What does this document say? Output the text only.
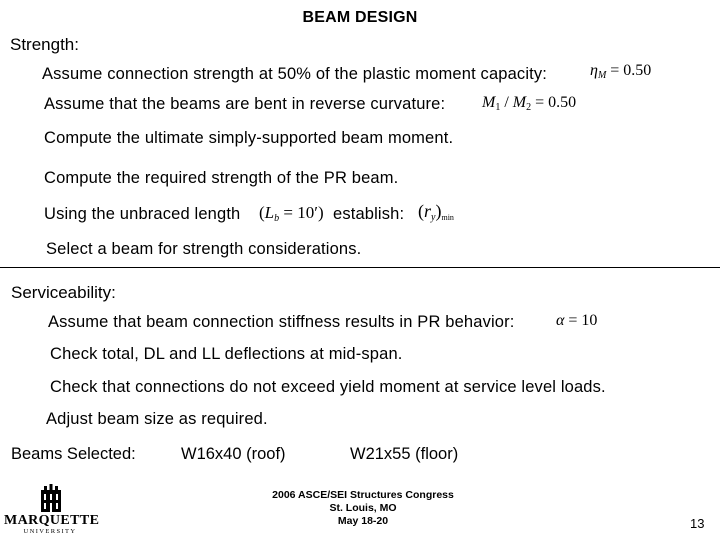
BEAM DESIGN
Strength:
Assume connection strength at 50% of the plastic moment capacity:	$\eta_M = 0.50$
Assume that the beams are bent in reverse curvature: $M_1 / M_2 = 0.50$
Compute the ultimate simply-supported beam moment.
Compute the required strength of the PR beam.
Using the unbraced length $(L_b = 10')$ establish: $(r_y)_{min}$
Select a beam for strength considerations.
Serviceability:
Assume that beam connection stiffness results in PR behavior:	α = 10
Check total, DL and LL deflections at mid-span.
Check that connections do not exceed yield moment at service level loads.
Adjust beam size as required.
Beams Selected:	W16x40 (roof)	W21x55 (floor)
MARQUETTE
UNIVERSITY
2006 ASCE/SEI Structures Congress
St. Louis, MO
May 18-20	13
